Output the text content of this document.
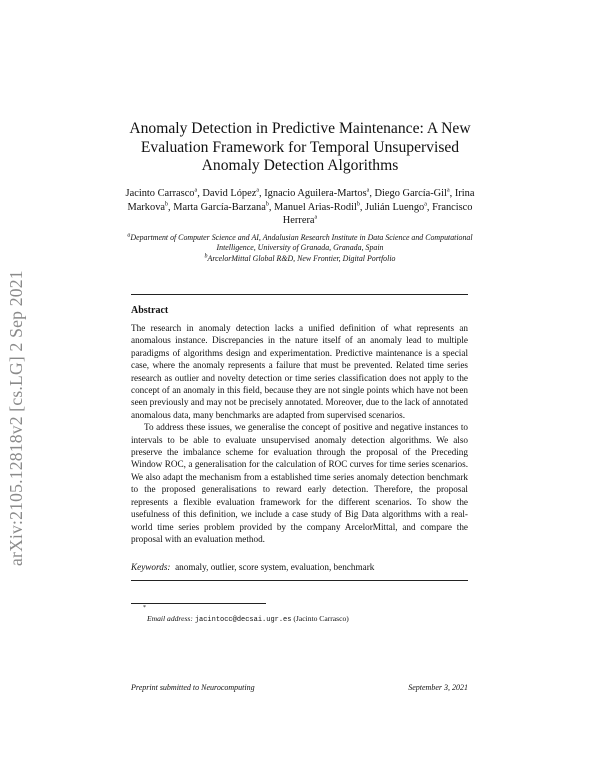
arXiv:2105.12818v2 [cs.LG] 2 Sep 2021
Anomaly Detection in Predictive Maintenance: A New Evaluation Framework for Temporal Unsupervised Anomaly Detection Algorithms
Jacinto Carrasco$^a$, David López$^a$, Ignacio Aguilera-Martos$^a$, Diego García-Gil$^a$, Irina Markova$^b$, Marta García-Barzana$^b$, Manuel Arias-Rodil$^b$, Julián Luengo$^a$, Francisco Herrera$^a$
$^a$Department of Computer Science and AI, Andalusian Research Institute in Data Science and Computational Intelligence, University of Granada, Granada, Spain
$^b$ArcelorMittal Global R&D, New Frontier, Digital Portfolio
Abstract

The research in anomaly detection lacks a unified definition of what represents an anomalous instance. Discrepancies in the nature itself of an anomaly lead to multiple paradigms of algorithms design and experimentation. Predictive maintenance is a special case, where the anomaly represents a failure that must be prevented. Related time series research as outlier and novelty detection or time series classification does not apply to the concept of an anomaly in this field, because they are not single points which have not been seen previously and may not be precisely annotated. Moreover, due to the lack of annotated anomalous data, many benchmarks are adapted from supervised scenarios.

To address these issues, we generalise the concept of positive and negative instances to intervals to be able to evaluate unsupervised anomaly detection algorithms. We also preserve the imbalance scheme for evaluation through the proposal of the Preceding Window ROC, a generalisation for the calculation of ROC curves for time series scenarios. We also adapt the mechanism from a established time series anomaly detection benchmark to the proposed generalisations to reward early detection. Therefore, the proposal represents a flexible evaluation framework for the different scenarios. To show the usefulness of this definition, we include a case study of Big Data algorithms with a real-world time series problem provided by the company ArcelorMittal, and compare the proposal with an evaluation method.

Keywords: anomaly, outlier, score system, evaluation, benchmark
*
Email address: jacintocc@decsai.ugr.es (Jacinto Carrasco)
Preprint submitted to Neurocomputing	September 3, 2021
